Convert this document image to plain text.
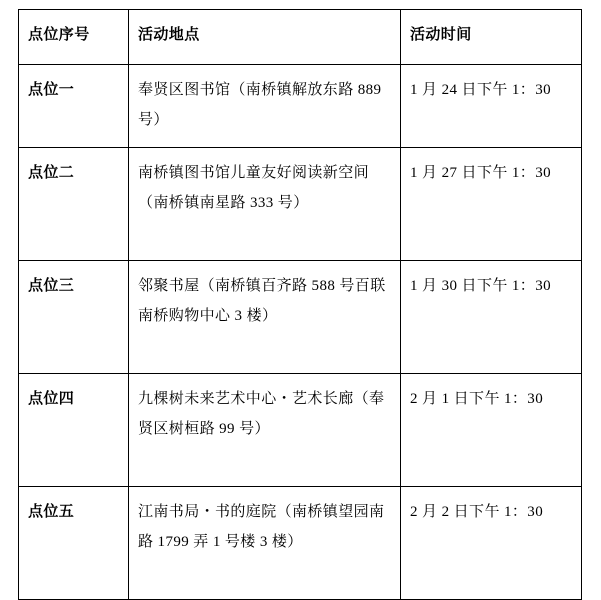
点位序号	活动地点	活动时间
点位一	奉贤区图书馆（南桥镇解放东路 889 号）	1 月 24 日下午 1：30
点位二	南桥镇图书馆儿童友好阅读新空间（南桥镇南星路 333 号）	1 月 27 日下午 1：30
点位三	邻聚书屋（南桥镇百齐路 588 号百联南桥购物中心 3 楼）	1 月 30 日下午 1：30
点位四	九棵树未来艺术中心・艺术长廊（奉贤区树桓路 99 号）	2 月 1 日下午 1：30
点位五	江南书局・书的庭院（南桥镇望园南路 1799 弄 1 号楼 3 楼）	2 月 2 日下午 1：30
